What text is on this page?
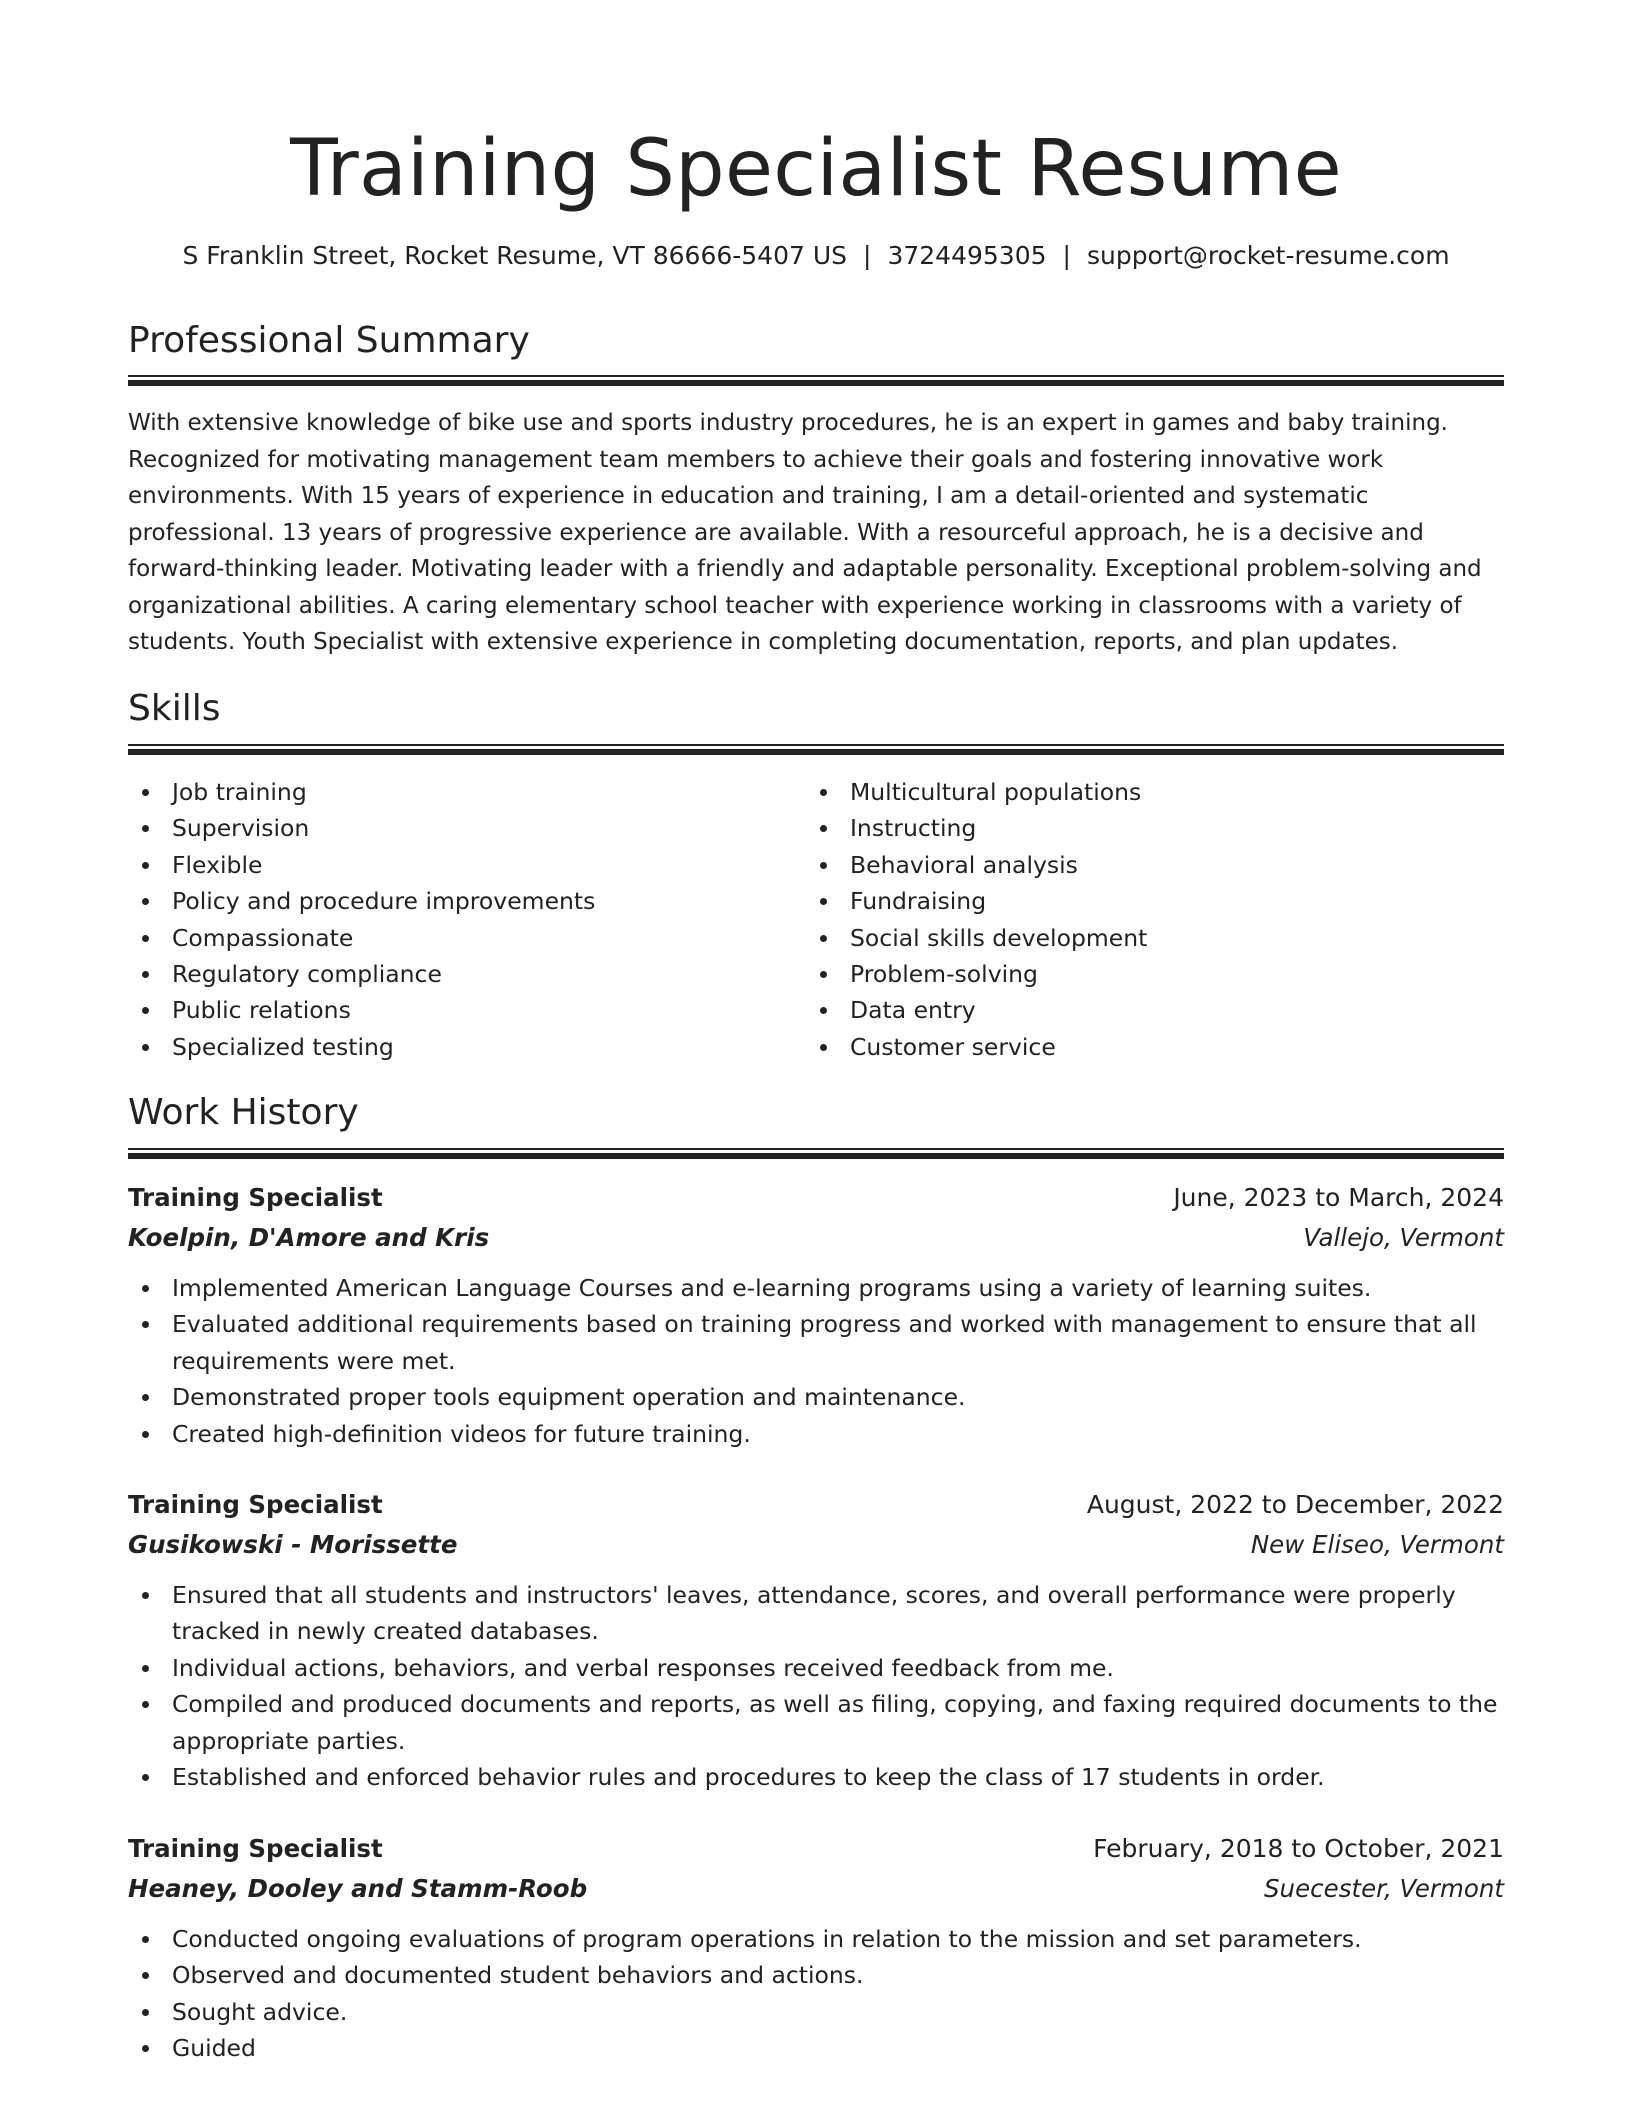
Training Specialist Resume
S Franklin Street, Rocket Resume, VT 86666-5407 US | 3724495305 | support@rocket-resume.com
Professional Summary

With extensive knowledge of bike use and sports industry procedures, he is an expert in games and baby training. Recognized for motivating management team members to achieve their goals and fostering innovative work environments. With 15 years of experience in education and training, I am a detail-oriented and systematic professional. 13 years of progressive experience are available. With a resourceful approach, he is a decisive and forward-thinking leader. Motivating leader with a friendly and adaptable personality. Exceptional problem-solving and organizational abilities. A caring elementary school teacher with experience working in classrooms with a variety of students. Youth Specialist with extensive experience in completing documentation, reports, and plan updates.

Skills
Job training
Supervision
Flexible
Policy and procedure improvements
Compassionate
Regulatory compliance
Public relations
Specialized testing
Multicultural populations
Instructing
Behavioral analysis
Fundraising
Social skills development
Problem-solving
Data entry
Customer service
Work History
Training Specialist	June, 2023 to March, 2024
Koelpin, D'Amore and Kris	Vallejo, Vermont
Implemented American Language Courses and e-learning programs using a variety of learning suites.
Evaluated additional requirements based on training progress and worked with management to ensure that all requirements were met.
Demonstrated proper tools equipment operation and maintenance.
Created high-definition videos for future training.
Training Specialist	August, 2022 to December, 2022
Gusikowski - Morissette	New Eliseo, Vermont
Ensured that all students and instructors' leaves, attendance, scores, and overall performance were properly tracked in newly created databases.
Individual actions, behaviors, and verbal responses received feedback from me.
Compiled and produced documents and reports, as well as filing, copying, and faxing required documents to the appropriate parties.
Established and enforced behavior rules and procedures to keep the class of 17 students in order.
Training Specialist	February, 2018 to October, 2021
Heaney, Dooley and Stamm-Roob	Suecester, Vermont
Conducted ongoing evaluations of program operations in relation to the mission and set parameters.
Observed and documented student behaviors and actions.
Sought advice.
Guided
